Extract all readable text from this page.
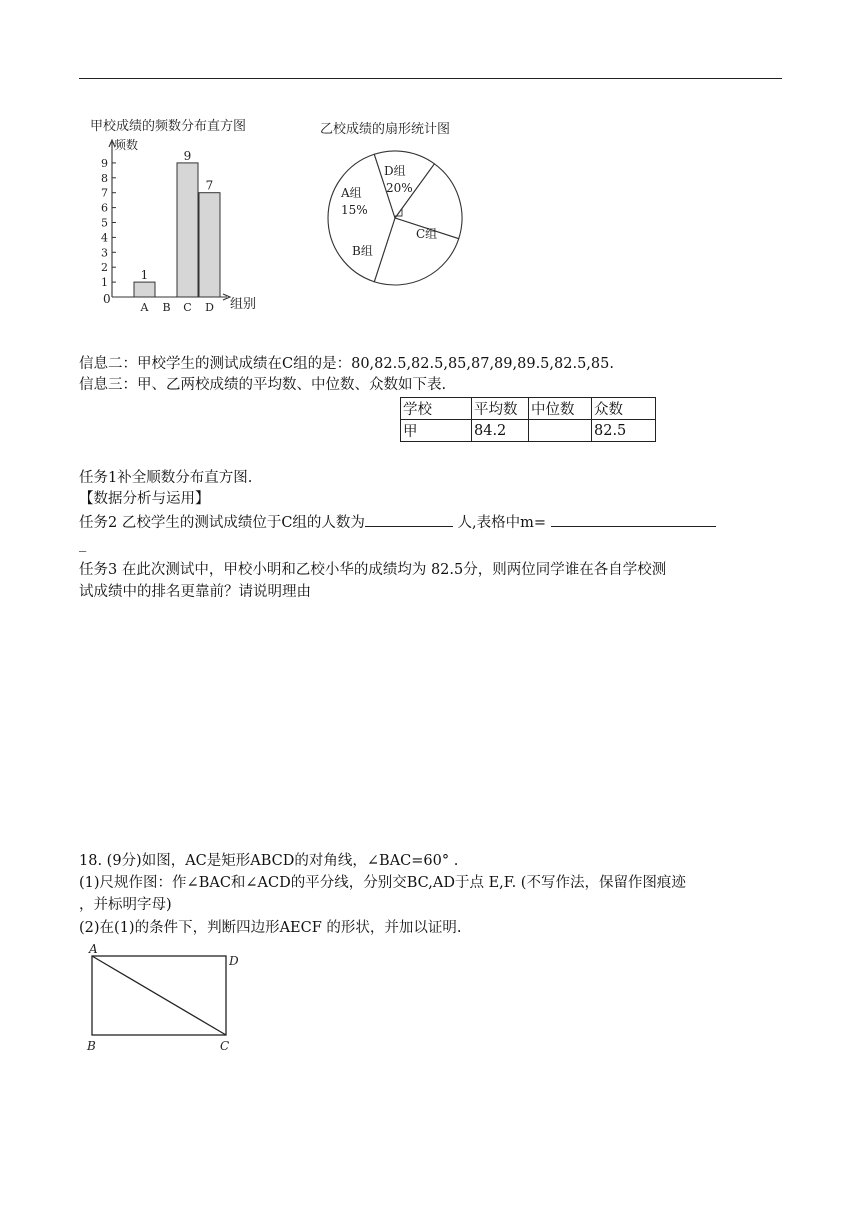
甲校成绩的频数分布直方图
频数
1
A B
9
C
7
D
1
2
3
4
5
6
7
8
9
0	组别
乙校成绩的扇形统计图
D组
20%
C组
B组
A组
15%
信息二：甲校学生的测试成绩在C组的是：80,82.5,82.5,85,87,89,89.5,82.5,85.
信息三：甲、乙两校成绩的平均数、中位数、众数如下表.
学校	平均数	中位数	众数
甲	84.2		82.5
任务1补全顺数分布直方图.
【数据分析与运用】
任务2 乙校学生的测试成绩位于C组的人数为	人,表格中m=
_
任务3 在此次测试中，甲校小明和乙校小华的成绩均为 82.5分，则两位同学谁在各自学校测
试成绩中的排名更靠前？请说明理由
18. (9分)如图，AC是矩形ABCD的对角线，∠BAC=60° .
(1)尺规作图：作∠BAC和∠ACD的平分线，分别交BC,AD于点 E,F. (不写作法，保留作图痕迹
，并标明字母)
(2)在(1)的条件下，判断四边形AECF 的形状，并加以证明.
A
D
B	C
